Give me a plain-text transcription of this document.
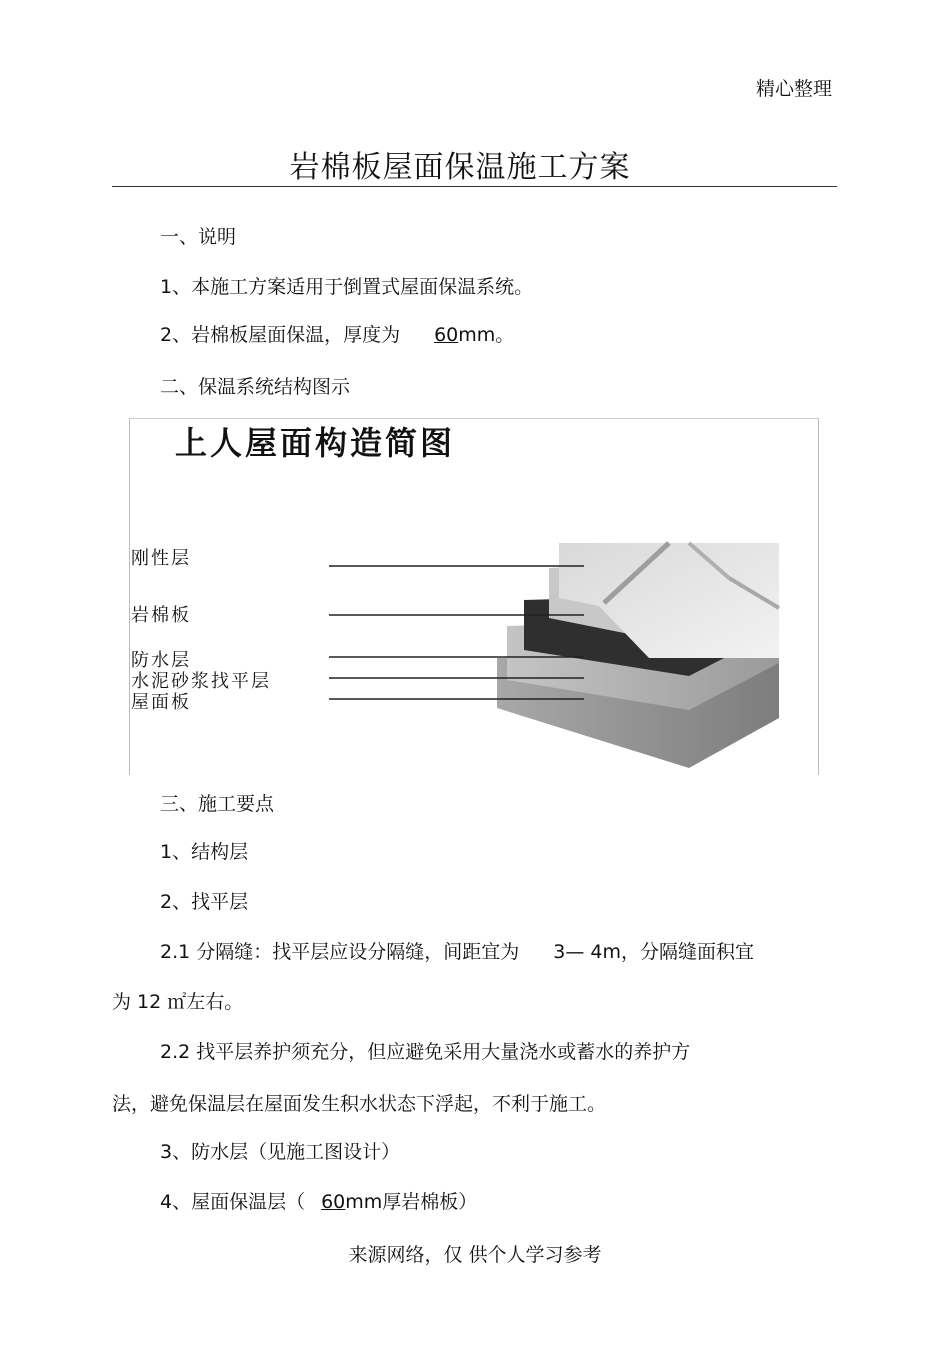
精心整理
岩棉板屋面保温施工方案
一、说明
1、本施工方案适用于倒置式屋面保温系统。
2、岩棉板屋面保温，厚度为 60mm。
二、保温系统结构图示
上人屋面构造简图
刚性层
岩棉板
防水层
水泥砂浆找平层
屋面板
三、施工要点
1、结构层
2、找平层
2.1 分隔缝：找平层应设分隔缝，间距宜为 3— 4m，分隔缝面积宜
为 12 ㎡左右。
2.2 找平层养护须充分，但应避免采用大量浇水或蓄水的养护方
法，避免保温层在屋面发生积水状态下浮起，不利于施工。
3、防水层（见施工图设计）
4、屋面保温层（ 60mm厚岩棉板）
来源网络，仅 供个人学习参考
